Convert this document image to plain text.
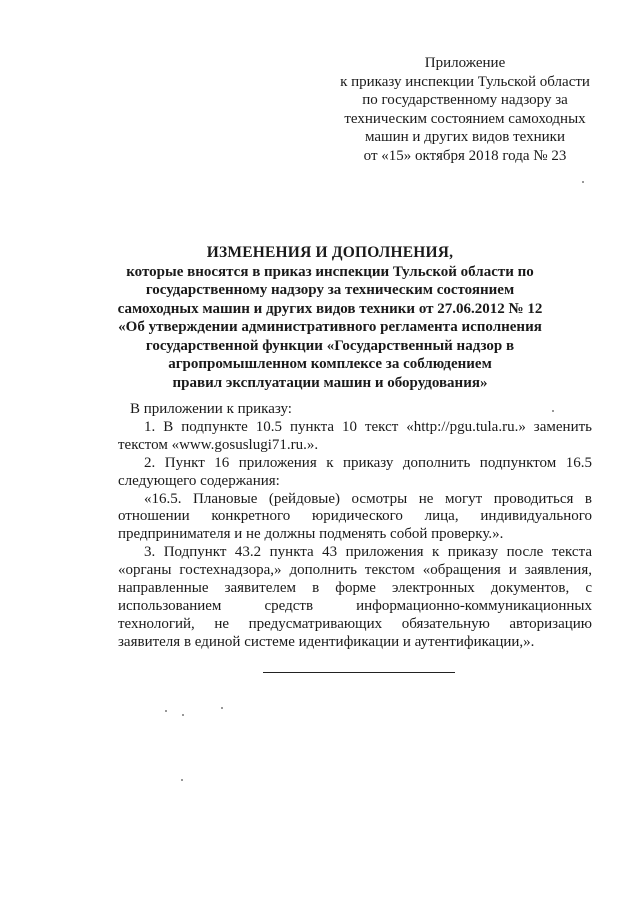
Приложение
к приказу инспекции Тульской области
по государственному надзору за
техническим состоянием самоходных
машин и других видов техники
от «15» октября 2018 года № 23
ИЗМЕНЕНИЯ И ДОПОЛНЕНИЯ,
которые вносятся в приказ инспекции Тульской области по
государственному надзору за техническим состоянием
самоходных машин и других видов техники от 27.06.2012 № 12
«Об утверждении административного регламента исполнения
государственной функции «Государственный надзор в
агропромышленном комплексе за соблюдением
правил эксплуатации машин и оборудования»

В приложении к приказу:

1. В подпункте 10.5 пункта 10 текст «http://pgu.tula.ru.» заменить текстом «www.gosuslugi71.ru.».

2. Пункт 16 приложения к приказу дополнить подпунктом 16.5 следующего содержания:

«16.5. Плановые (рейдовые) осмотры не могут проводиться в отношении конкретного юридического лица, индивидуального предпринимателя и не должны подменять собой проверку.».

3. Подпункт 43.2 пункта 43 приложения к приказу после текста «органы гостехнадзора,» дополнить текстом «обращения и заявления, направленные заявителем в форме электронных документов, с использованием средств информационно-коммуникационных технологий, не предусматривающих обязательную авторизацию заявителя в единой системе идентификации и аутентификации,».
